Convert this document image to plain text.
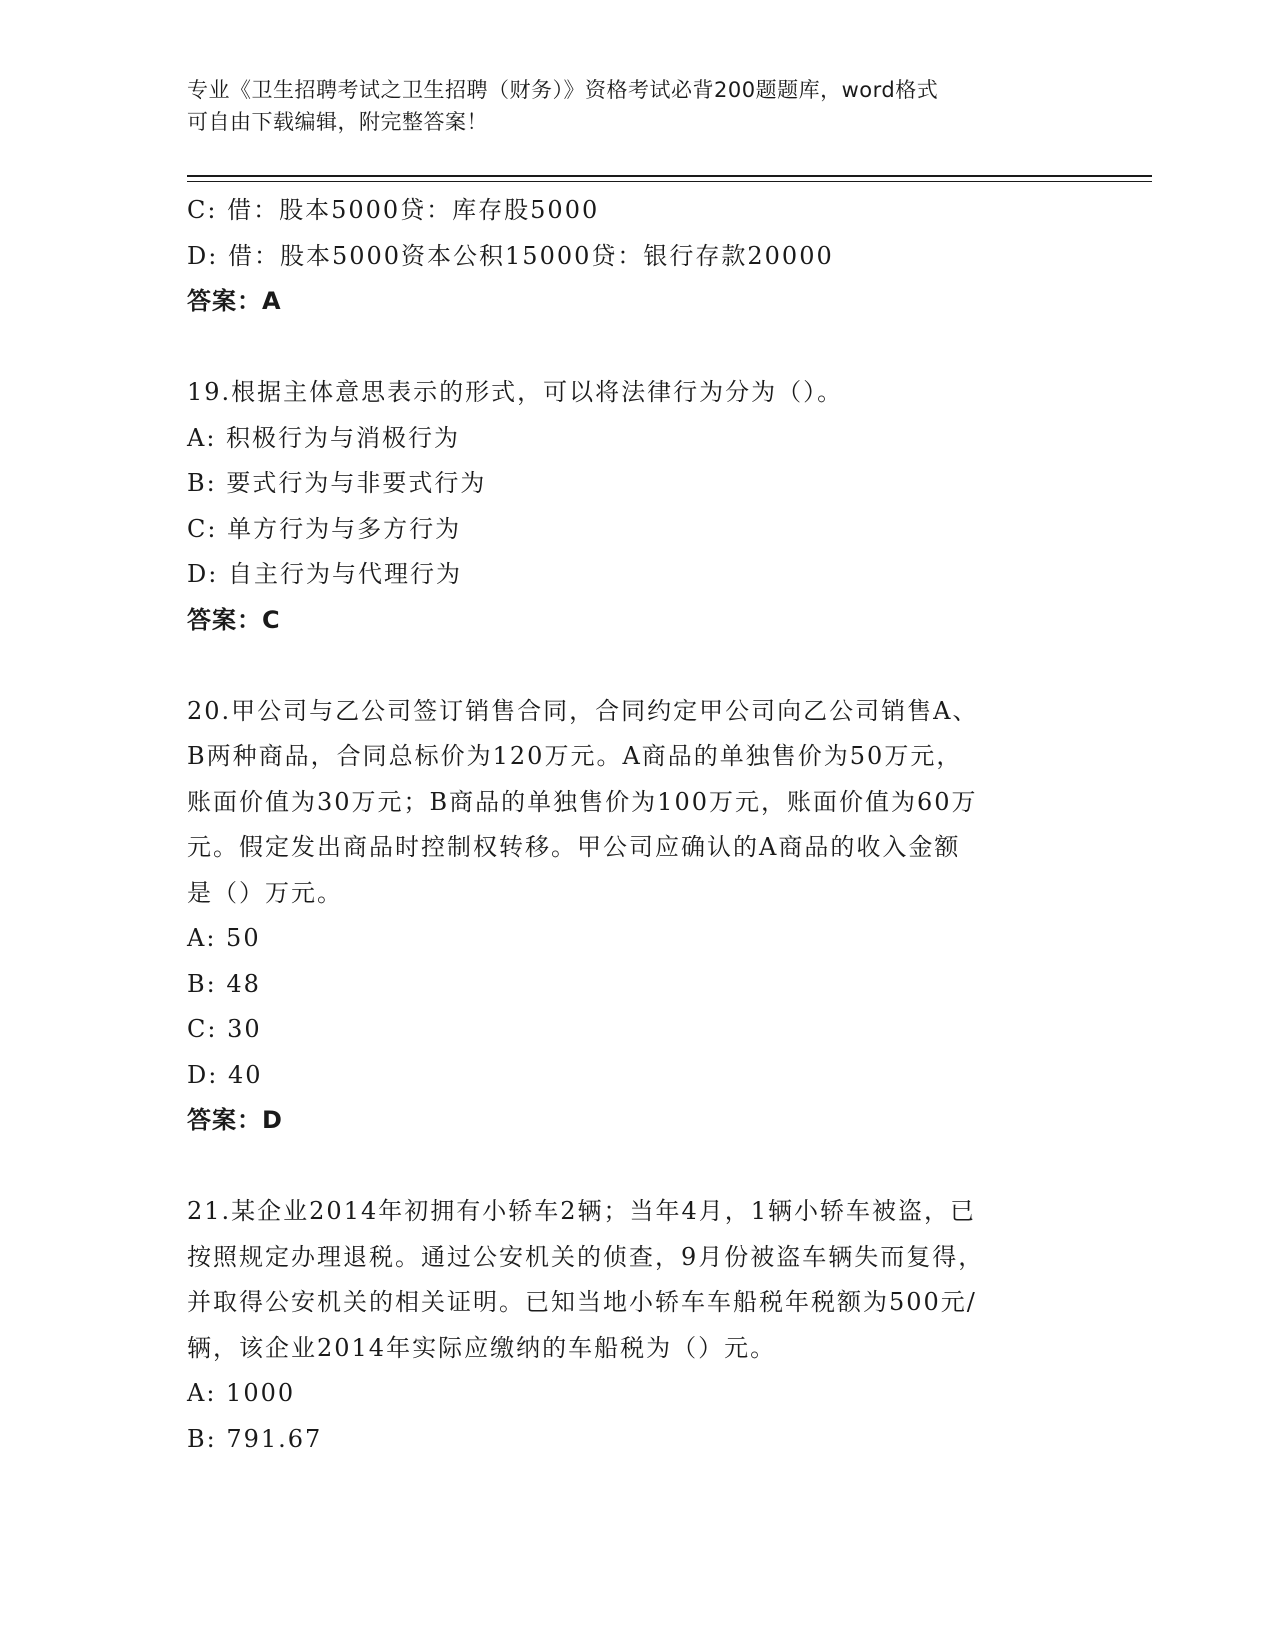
专业《卫生招聘考试之卫生招聘（财务）》资格考试必背200题题库，word格式
可自由下载编辑，附完整答案！
C: 借：股本5000贷：库存股5000
D: 借：股本5000资本公积15000贷：银行存款20000
答案：A
19.根据主体意思表示的形式，可以将法律行为分为（）。
A: 积极行为与消极行为
B: 要式行为与非要式行为
C: 单方行为与多方行为
D: 自主行为与代理行为
答案：C
20.甲公司与乙公司签订销售合同，合同约定甲公司向乙公司销售A、
B两种商品，合同总标价为120万元。A商品的单独售价为50万元，
账面价值为30万元；B商品的单独售价为100万元，账面价值为60万
元。假定发出商品时控制权转移。甲公司应确认的A商品的收入金额
是（）万元。
A: 50
B: 48
C: 30
D: 40
答案：D
21.某企业2014年初拥有小轿车2辆；当年4月，1辆小轿车被盗，已
按照规定办理退税。通过公安机关的侦查，9月份被盗车辆失而复得，
并取得公安机关的相关证明。已知当地小轿车车船税年税额为500元/
辆，该企业2014年实际应缴纳的车船税为（）元。
A: 1000
B: 791.67
